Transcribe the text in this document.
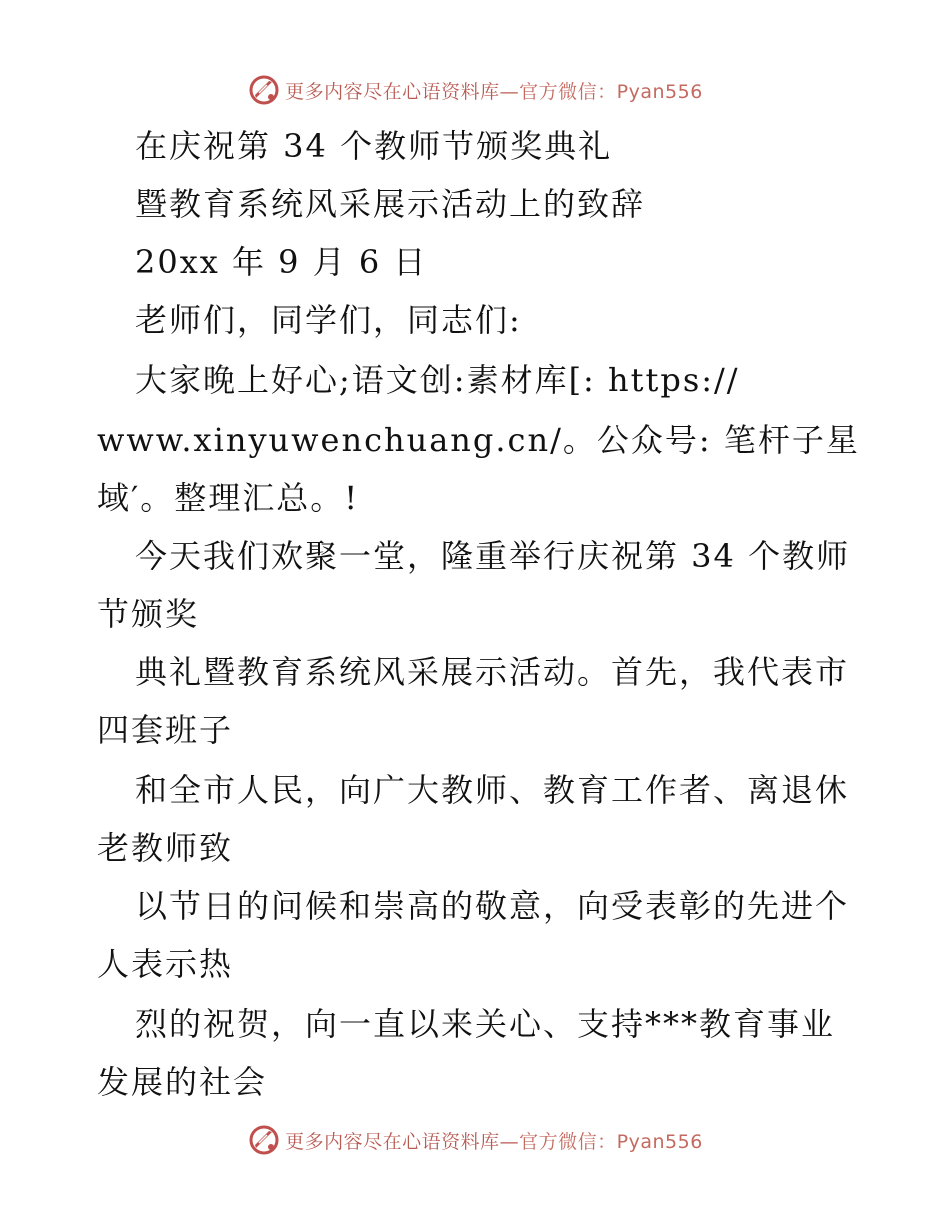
更多内容尽在心语资料库—官方微信：Pyan556
在庆祝第 34 个教师节颁奖典礼
暨教育系统风采展示活动上的致辞
20xx 年 9 月 6 日
老师们，同学们，同志们:
大家晚上好心;语文创:素材库[: https://
www.xinyuwenchuang.cn/。公众号: 笔杆子星
域′。整理汇总。!
今天我们欢聚一堂，隆重举行庆祝第 34 个教师
节颁奖
典礼暨教育系统风采展示活动。首先，我代表市
四套班子
和全市人民，向广大教师、教育工作者、离退休
老教师致
以节日的问候和崇高的敬意，向受表彰的先进个
人表示热
烈的祝贺，向一直以来关心、支持***教育事业
发展的社会
更多内容尽在心语资料库—官方微信：Pyan556
